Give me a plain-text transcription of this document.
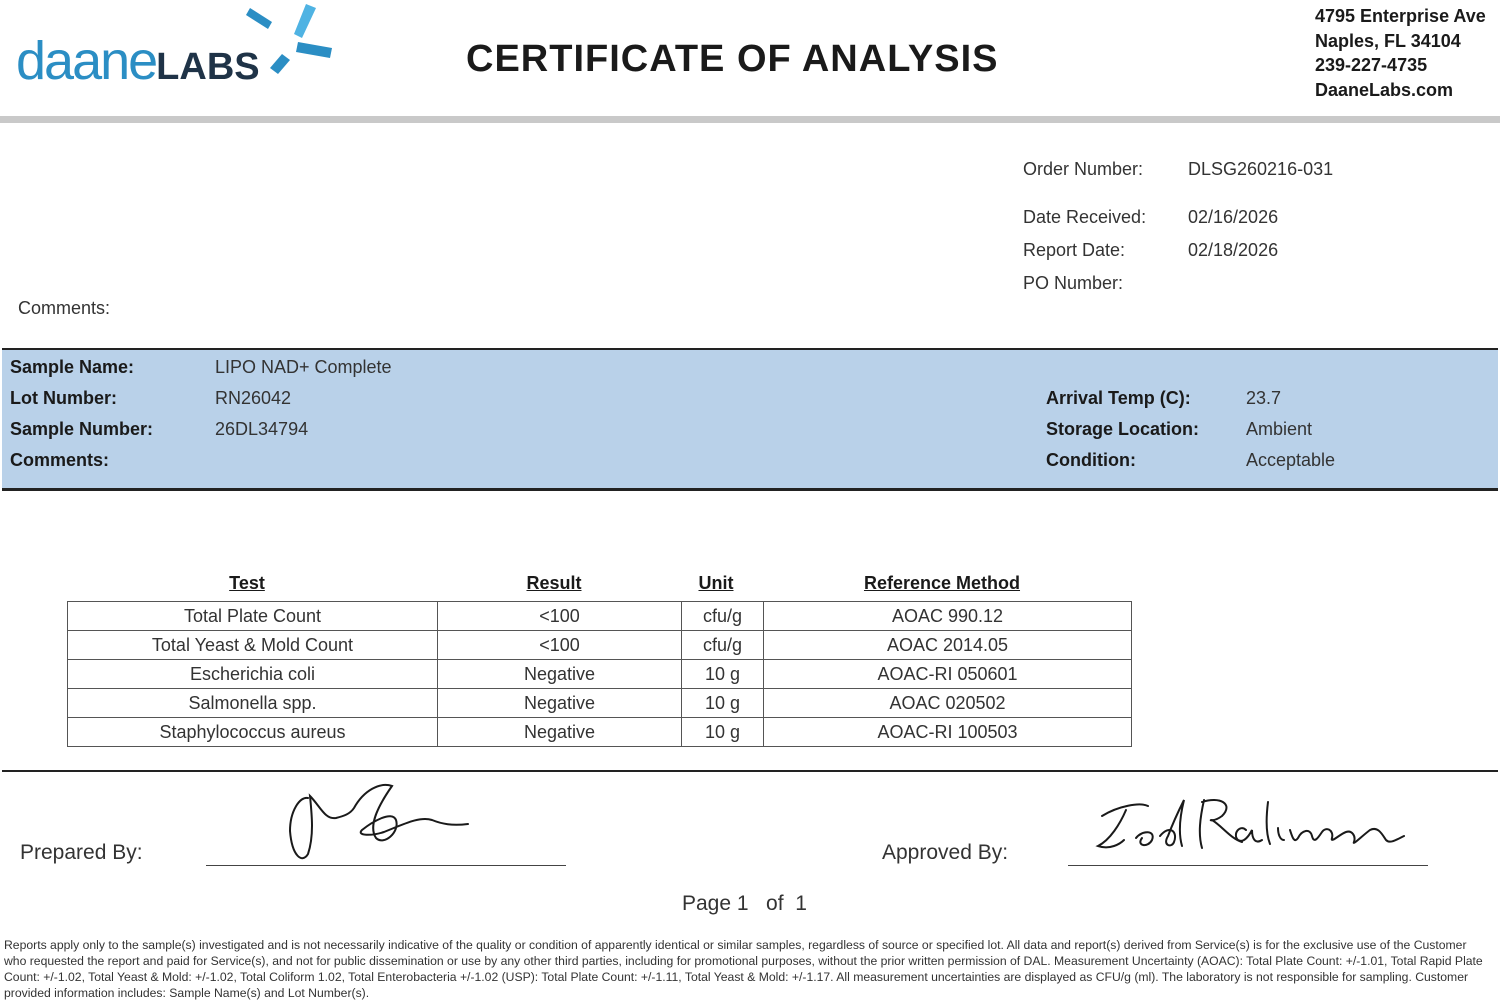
daaneLABS	CERTIFICATE OF ANALYSIS
4795 Enterprise Ave
Naples, FL 34104
239-227-4735
DaaneLabs.com
Order Number: DLSG260216-031
Date Received: 02/16/2026
Report Date:	02/18/2026
PO Number:
Comments:
Sample Name:	LIPO NAD+ Complete
Lot Number:	RN26042
Sample Number:	26DL34794
Comments:
Arrival Temp (C):	23.7
Storage Location:	Ambient
Condition:	Acceptable
Test	Result	Unit	Reference Method
Total Plate Count	<100	cfu/g	AOAC 990.12
Total Yeast & Mold Count	<100	cfu/g	AOAC 2014.05
Escherichia coli	Negative	10 g	AOAC-RI 050601
Salmonella spp.	Negative	10 g	AOAC 020502
Staphylococcus aureus	Negative	10 g	AOAC-RI 100503
Prepared By:	Approved By:
Page 1   of  1
Reports apply only to the sample(s) investigated and is not necessarily indicative of the quality or condition of apparently identical or similar samples, regardless of source or specified lot. All data and report(s) derived from Service(s) is for the exclusive use of the Customer who requested the report and paid for Service(s), and not for public dissemination or use by any other third parties, including for promotional purposes, without the prior written permission of DAL. Measurement Uncertainty (AOAC): Total Plate Count: +/-1.01, Total Rapid Plate Count: +/-1.02, Total Yeast & Mold: +/-1.02, Total Coliform 1.02, Total Enterobacteria +/-1.02 (USP): Total Plate Count: +/-1.11, Total Yeast & Mold: +/-1.17. All measurement uncertainties are displayed as CFU/g (ml). The laboratory is not responsible for sampling. Customer provided information includes: Sample Name(s) and Lot Number(s).
